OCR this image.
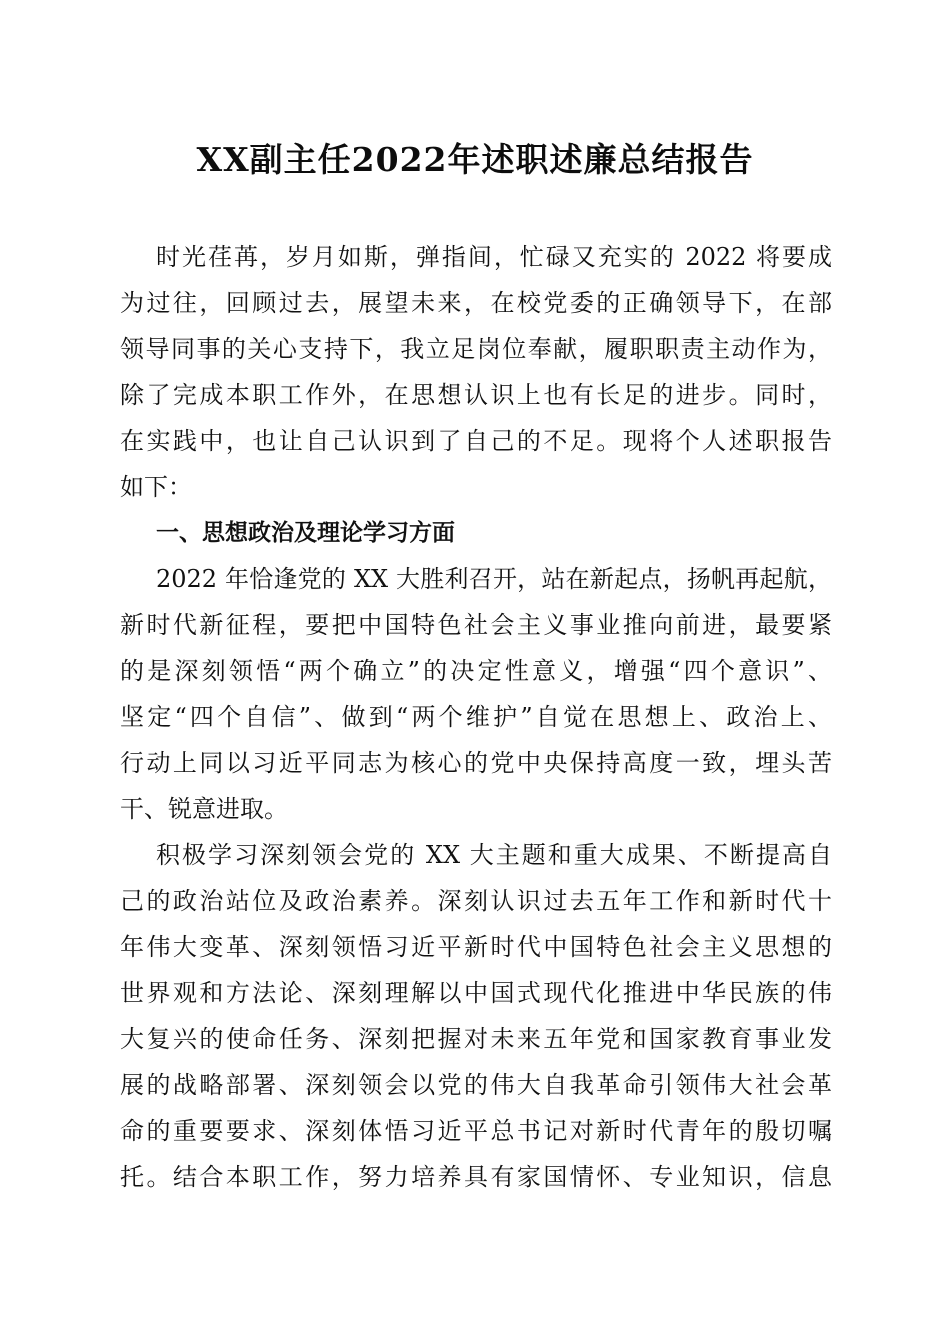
XX副主任2022年述职述廉总结报告
时光荏苒，岁月如斯，弹指间，忙碌又充实的 2022 将要成
为过往，回顾过去，展望未来，在校党委的正确领导下，在部
领导同事的关心支持下，我立足岗位奉献，履职职责主动作为，
除了完成本职工作外，在思想认识上也有长足的进步。同时，
在实践中，也让自己认识到了自己的不足。现将个人述职报告
如下：
一、思想政治及理论学习方面
2022 年恰逢党的 XX 大胜利召开，站在新起点，扬帆再起航，
新时代新征程，要把中国特色社会主义事业推向前进，最要紧
的是深刻领悟“两个确立”的决定性意义，增强“四个意识”、
坚定“四个自信”、做到“两个维护”自觉在思想上、政治上、
行动上同以习近平同志为核心的党中央保持高度一致，埋头苦
干、锐意进取。
积极学习深刻领会党的 XX 大主题和重大成果、不断提高自
己的政治站位及政治素养。深刻认识过去五年工作和新时代十
年伟大变革、深刻领悟习近平新时代中国特色社会主义思想的
世界观和方法论、深刻理解以中国式现代化推进中华民族的伟
大复兴的使命任务、深刻把握对未来五年党和国家教育事业发
展的战略部署、深刻领会以党的伟大自我革命引领伟大社会革
命的重要要求、深刻体悟习近平总书记对新时代青年的殷切嘱
托。结合本职工作，努力培养具有家国情怀、专业知识，信息
